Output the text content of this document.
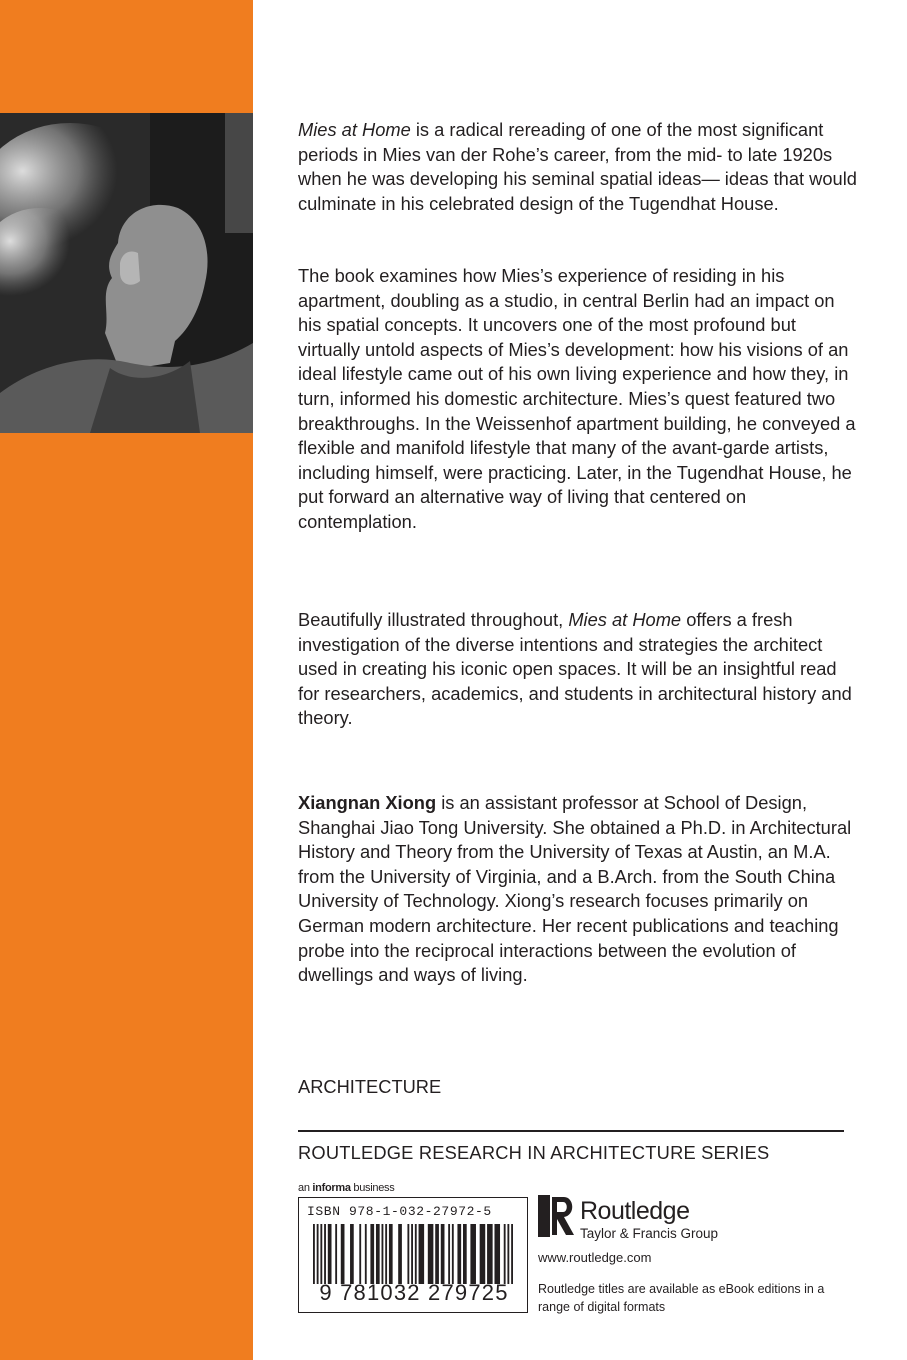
Mies at Home is a radical rereading of one of the most significant periods in Mies van der Rohe’s career, from the mid- to late 1920s when he was developing his seminal spatial ideas— ideas that would culminate in his celebrated design of the Tugendhat House.

The book examines how Mies’s experience of residing in his apartment, doubling as a studio, in central Berlin had an impact on his spatial concepts. It uncovers one of the most profound but virtually untold aspects of Mies’s development: how his visions of an ideal lifestyle came out of his own living experience and how they, in turn, informed his domestic architecture. Mies’s quest featured two breakthroughs. In the Weissenhof apartment building, he conveyed a flexible and manifold lifestyle that many of the avant-garde artists, including himself, were practicing. Later, in the Tugendhat House, he put forward an alternative way of living that centered on contemplation.

Beautifully illustrated throughout, Mies at Home offers a fresh investigation of the diverse intentions and strategies the architect used in creating his iconic open spaces. It will be an insightful read for researchers, academics, and students in architectural history and theory.

Xiangnan Xiong is an assistant professor at School of Design, Shanghai Jiao Tong University. She obtained a Ph.D. in Architectural History and Theory from the University of Texas at Austin, an M.A. from the University of Virginia, and a B.Arch. from the South China University of Technology. Xiong’s research focuses primarily on German modern architecture. Her recent publications and teaching probe into the reciprocal interactions between the evolution of dwellings and ways of living.

ARCHITECTURE
ROUTLEDGE RESEARCH IN ARCHITECTURE SERIES
an informa business
ISBN 978-1-032-27972-5
9 781032 279725
Routledge
Taylor & Francis Group
www.routledge.com
Routledge titles are available as eBook editions in a range of digital formats
